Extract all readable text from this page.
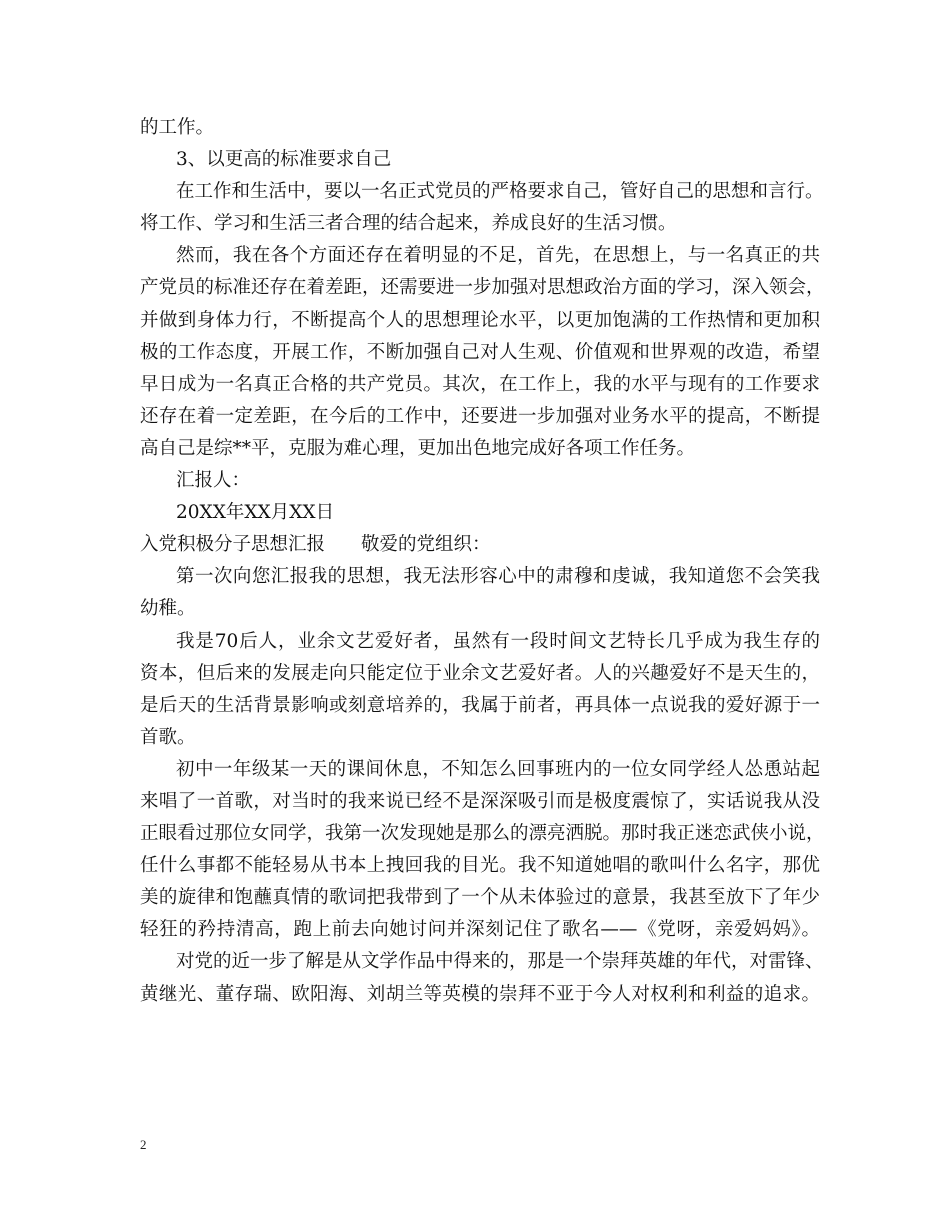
的工作。
3、以更高的标准要求自己
在工作和生活中，要以一名正式党员的严格要求自己，管好自己的思想和言行。
将工作、学习和生活三者合理的结合起来，养成良好的生活习惯。
然而，我在各个方面还存在着明显的不足，首先，在思想上，与一名真正的共
产党员的标准还存在着差距，还需要进一步加强对思想政治方面的学习，深入领会，
并做到身体力行，不断提高个人的思想理论水平，以更加饱满的工作热情和更加积
极的工作态度，开展工作，不断加强自己对人生观、价值观和世界观的改造，希望
早日成为一名真正合格的共产党员。其次，在工作上，我的水平与现有的工作要求
还存在着一定差距，在今后的工作中，还要进一步加强对业务水平的提高，不断提
高自己是综**平，克服为难心理，更加出色地完成好各项工作任务。
汇报人：
20XX年XX月XX日
入党积极分子思想汇报 敬爱的党组织：
第一次向您汇报我的思想，我无法形容心中的肃穆和虔诚，我知道您不会笑我
幼稚。
我是70后人，业余文艺爱好者，虽然有一段时间文艺特长几乎成为我生存的
资本，但后来的发展走向只能定位于业余文艺爱好者。人的兴趣爱好不是天生的，
是后天的生活背景影响或刻意培养的，我属于前者，再具体一点说我的爱好源于一
首歌。
初中一年级某一天的课间休息，不知怎么回事班内的一位女同学经人怂恿站起
来唱了一首歌，对当时的我来说已经不是深深吸引而是极度震惊了，实话说我从没
正眼看过那位女同学，我第一次发现她是那么的漂亮洒脱。那时我正迷恋武侠小说，
任什么事都不能轻易从书本上拽回我的目光。我不知道她唱的歌叫什么名字，那优
美的旋律和饱蘸真情的歌词把我带到了一个从未体验过的意景，我甚至放下了年少
轻狂的矜持清高，跑上前去向她讨问并深刻记住了歌名——《党呀，亲爱妈妈》。
对党的近一步了解是从文学作品中得来的，那是一个崇拜英雄的年代，对雷锋、
黄继光、董存瑞、欧阳海、刘胡兰等英模的崇拜不亚于今人对权利和利益的追求。
2
